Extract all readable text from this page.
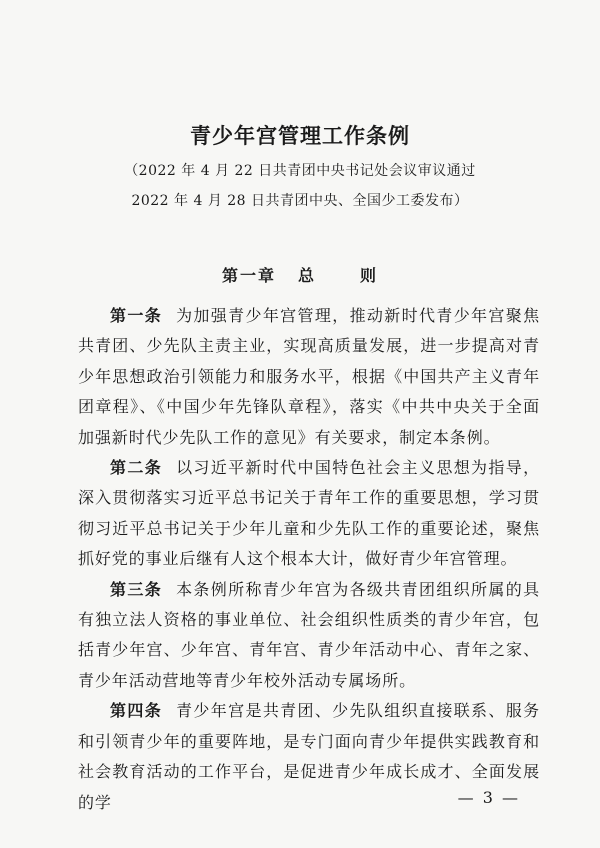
青少年宫管理工作条例
（2022 年 4 月 22 日共青团中央书记处会议审议通过
2022 年 4 月 28 日共青团中央、全国少工委发布）
第一章 总	则

第一条 为加强青少年宫管理，推动新时代青少年宫聚焦共青团、少先队主责主业，实现高质量发展，进一步提高对青少年思想政治引领能力和服务水平，根据《中国共产主义青年团章程》、《中国少年先锋队章程》，落实《中共中央关于全面加强新时代少先队工作的意见》有关要求，制定本条例。

第二条 以习近平新时代中国特色社会主义思想为指导，深入贯彻落实习近平总书记关于青年工作的重要思想，学习贯彻习近平总书记关于少年儿童和少先队工作的重要论述，聚焦抓好党的事业后继有人这个根本大计，做好青少年宫管理。

第三条 本条例所称青少年宫为各级共青团组织所属的具有独立法人资格的事业单位、社会组织性质类的青少年宫，包括青少年宫、少年宫、青年宫、青少年活动中心、青年之家、青少年活动营地等青少年校外活动专属场所。

第四条 青少年宫是共青团、少先队组织直接联系、服务和引领青少年的重要阵地，是专门面向青少年提供实践教育和社会教育活动的工作平台，是促进青少年成长成才、全面发展的学	— 3 —
